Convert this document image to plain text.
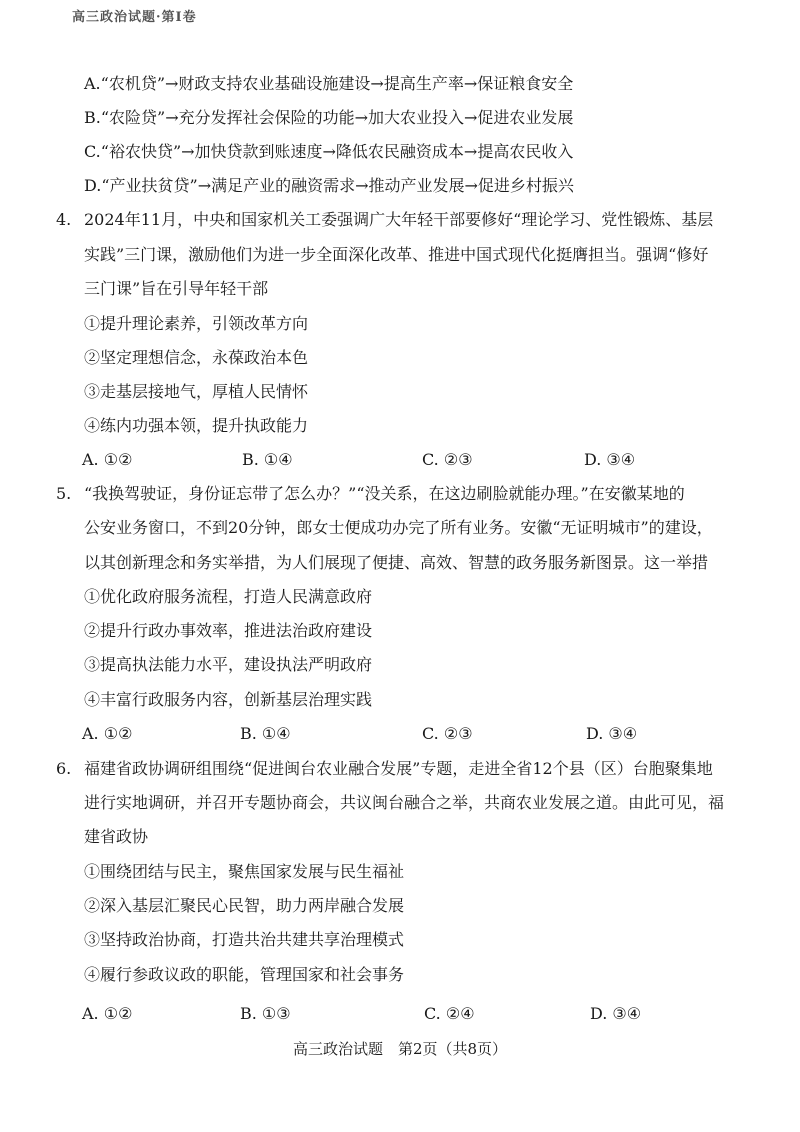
高三政治试题·第Ⅰ卷
A.“农机贷”→财政支持农业基础设施建设→提高生产率→保证粮食安全
B.“农险贷”→充分发挥社会保险的功能→加大农业投入→促进农业发展
C.“裕农快贷”→加快贷款到账速度→降低农民融资成本→提高农民收入
D.“产业扶贫贷”→满足产业的融资需求→推动产业发展→促进乡村振兴
4. 2024年11月，中央和国家机关工委强调广大年轻干部要修好“理论学习、党性锻炼、基层
实践”三门课，激励他们为进一步全面深化改革、推进中国式现代化挺膺担当。强调“修好
三门课”旨在引导年轻干部
①提升理论素养，引领改革方向
②坚定理想信念，永葆政治本色
③走基层接地气，厚植人民情怀
④练内功强本领，提升执政能力
A. ①②	B. ①④	C. ②③	D. ③④
5. “我换驾驶证，身份证忘带了怎么办？”“没关系，在这边刷脸就能办理。”在安徽某地的
公安业务窗口，不到20分钟，郎女士便成功办完了所有业务。安徽“无证明城市”的建设，
以其创新理念和务实举措，为人们展现了便捷、高效、智慧的政务服务新图景。这一举措
①优化政府服务流程，打造人民满意政府
②提升行政办事效率，推进法治政府建设
③提高执法能力水平，建设执法严明政府
④丰富行政服务内容，创新基层治理实践
A. ①②	B. ①④	C. ②③	D. ③④
6. 福建省政协调研组围绕“促进闽台农业融合发展”专题，走进全省12个县（区）台胞聚集地
进行实地调研，并召开专题协商会，共议闽台融合之举，共商农业发展之道。由此可见，福
建省政协
①围绕团结与民主，聚焦国家发展与民生福祉
②深入基层汇聚民心民智，助力两岸融合发展
③坚持政治协商，打造共治共建共享治理模式
④履行参政议政的职能，管理国家和社会事务
A. ①②	B. ①③	C. ②④	D. ③④
高三政治试题　第2页（共8页）
